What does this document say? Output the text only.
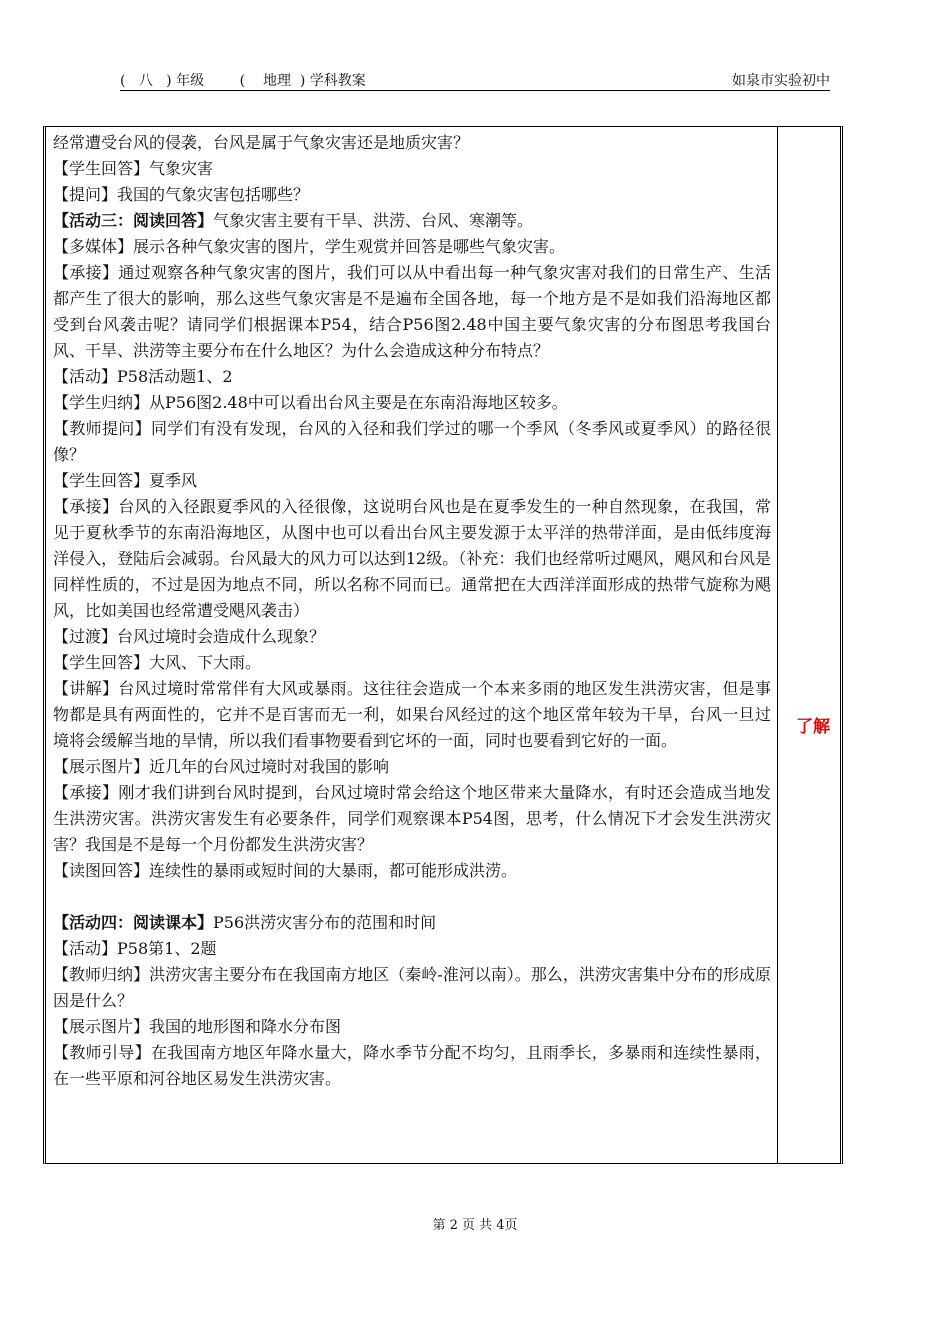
(   八   ) 年级        (    地理  ) 学科教案	如泉市实验初中

经常遭受台风的侵袭，台风是属于气象灾害还是地质灾害？

【学生回答】气象灾害

【提问】我国的气象灾害包括哪些？

【活动三：阅读回答】气象灾害主要有干旱、洪涝、台风、寒潮等。

【多媒体】展示各种气象灾害的图片，学生观赏并回答是哪些气象灾害。

【承接】通过观察各种气象灾害的图片，我们可以从中看出每一种气象灾害对我们的日常生产、生活都产生了很大的影响，那么这些气象灾害是不是遍布全国各地，每一个地方是不是如我们沿海地区都受到台风袭击呢？请同学们根据课本P54，结合P56图2.48中国主要气象灾害的分布图思考我国台风、干旱、洪涝等主要分布在什么地区？为什么会造成这种分布特点？

【活动】P58活动题1、2

【学生归纳】从P56图2.48中可以看出台风主要是在东南沿海地区较多。

【教师提问】同学们有没有发现，台风的入径和我们学过的哪一个季风（冬季风或夏季风）的路径很像？

【学生回答】夏季风

【承接】台风的入径跟夏季风的入径很像，这说明台风也是在夏季发生的一种自然现象，在我国，常见于夏秋季节的东南沿海地区，从图中也可以看出台风主要发源于太平洋的热带洋面，是由低纬度海洋侵入，登陆后会减弱。台风最大的风力可以达到12级。（补充：我们也经常听过飓风，飓风和台风是同样性质的，不过是因为地点不同，所以名称不同而已。通常把在大西洋洋面形成的热带气旋称为飓风，比如美国也经常遭受飓风袭击）

【过渡】台风过境时会造成什么现象？

【学生回答】大风、下大雨。

【讲解】台风过境时常常伴有大风或暴雨。这往往会造成一个本来多雨的地区发生洪涝灾害，但是事物都是具有两面性的，它并不是百害而无一利，如果台风经过的这个地区常年较为干旱，台风一旦过境将会缓解当地的旱情，所以我们看事物要看到它坏的一面，同时也要看到它好的一面。

【展示图片】近几年的台风过境时对我国的影响

【承接】刚才我们讲到台风时提到，台风过境时常会给这个地区带来大量降水，有时还会造成当地发生洪涝灾害。洪涝灾害发生有必要条件，同学们观察课本P54图，思考，什么情况下才会发生洪涝灾害？我国是不是每一个月份都发生洪涝灾害？

【读图回答】连续性的暴雨或短时间的大暴雨，都可能形成洪涝。

【活动四：阅读课本】P56洪涝灾害分布的范围和时间

【活动】P58第1、2题

【教师归纳】洪涝灾害主要分布在我国南方地区（秦岭-淮河以南）。那么，洪涝灾害集中分布的形成原因是什么？

【展示图片】我国的地形图和降水分布图

【教师引导】在我国南方地区年降水量大，降水季节分配不均匀，且雨季长，多暴雨和连续性暴雨，在一些平原和河谷地区易发生洪涝灾害。

了解
第 2 页 共 4页
